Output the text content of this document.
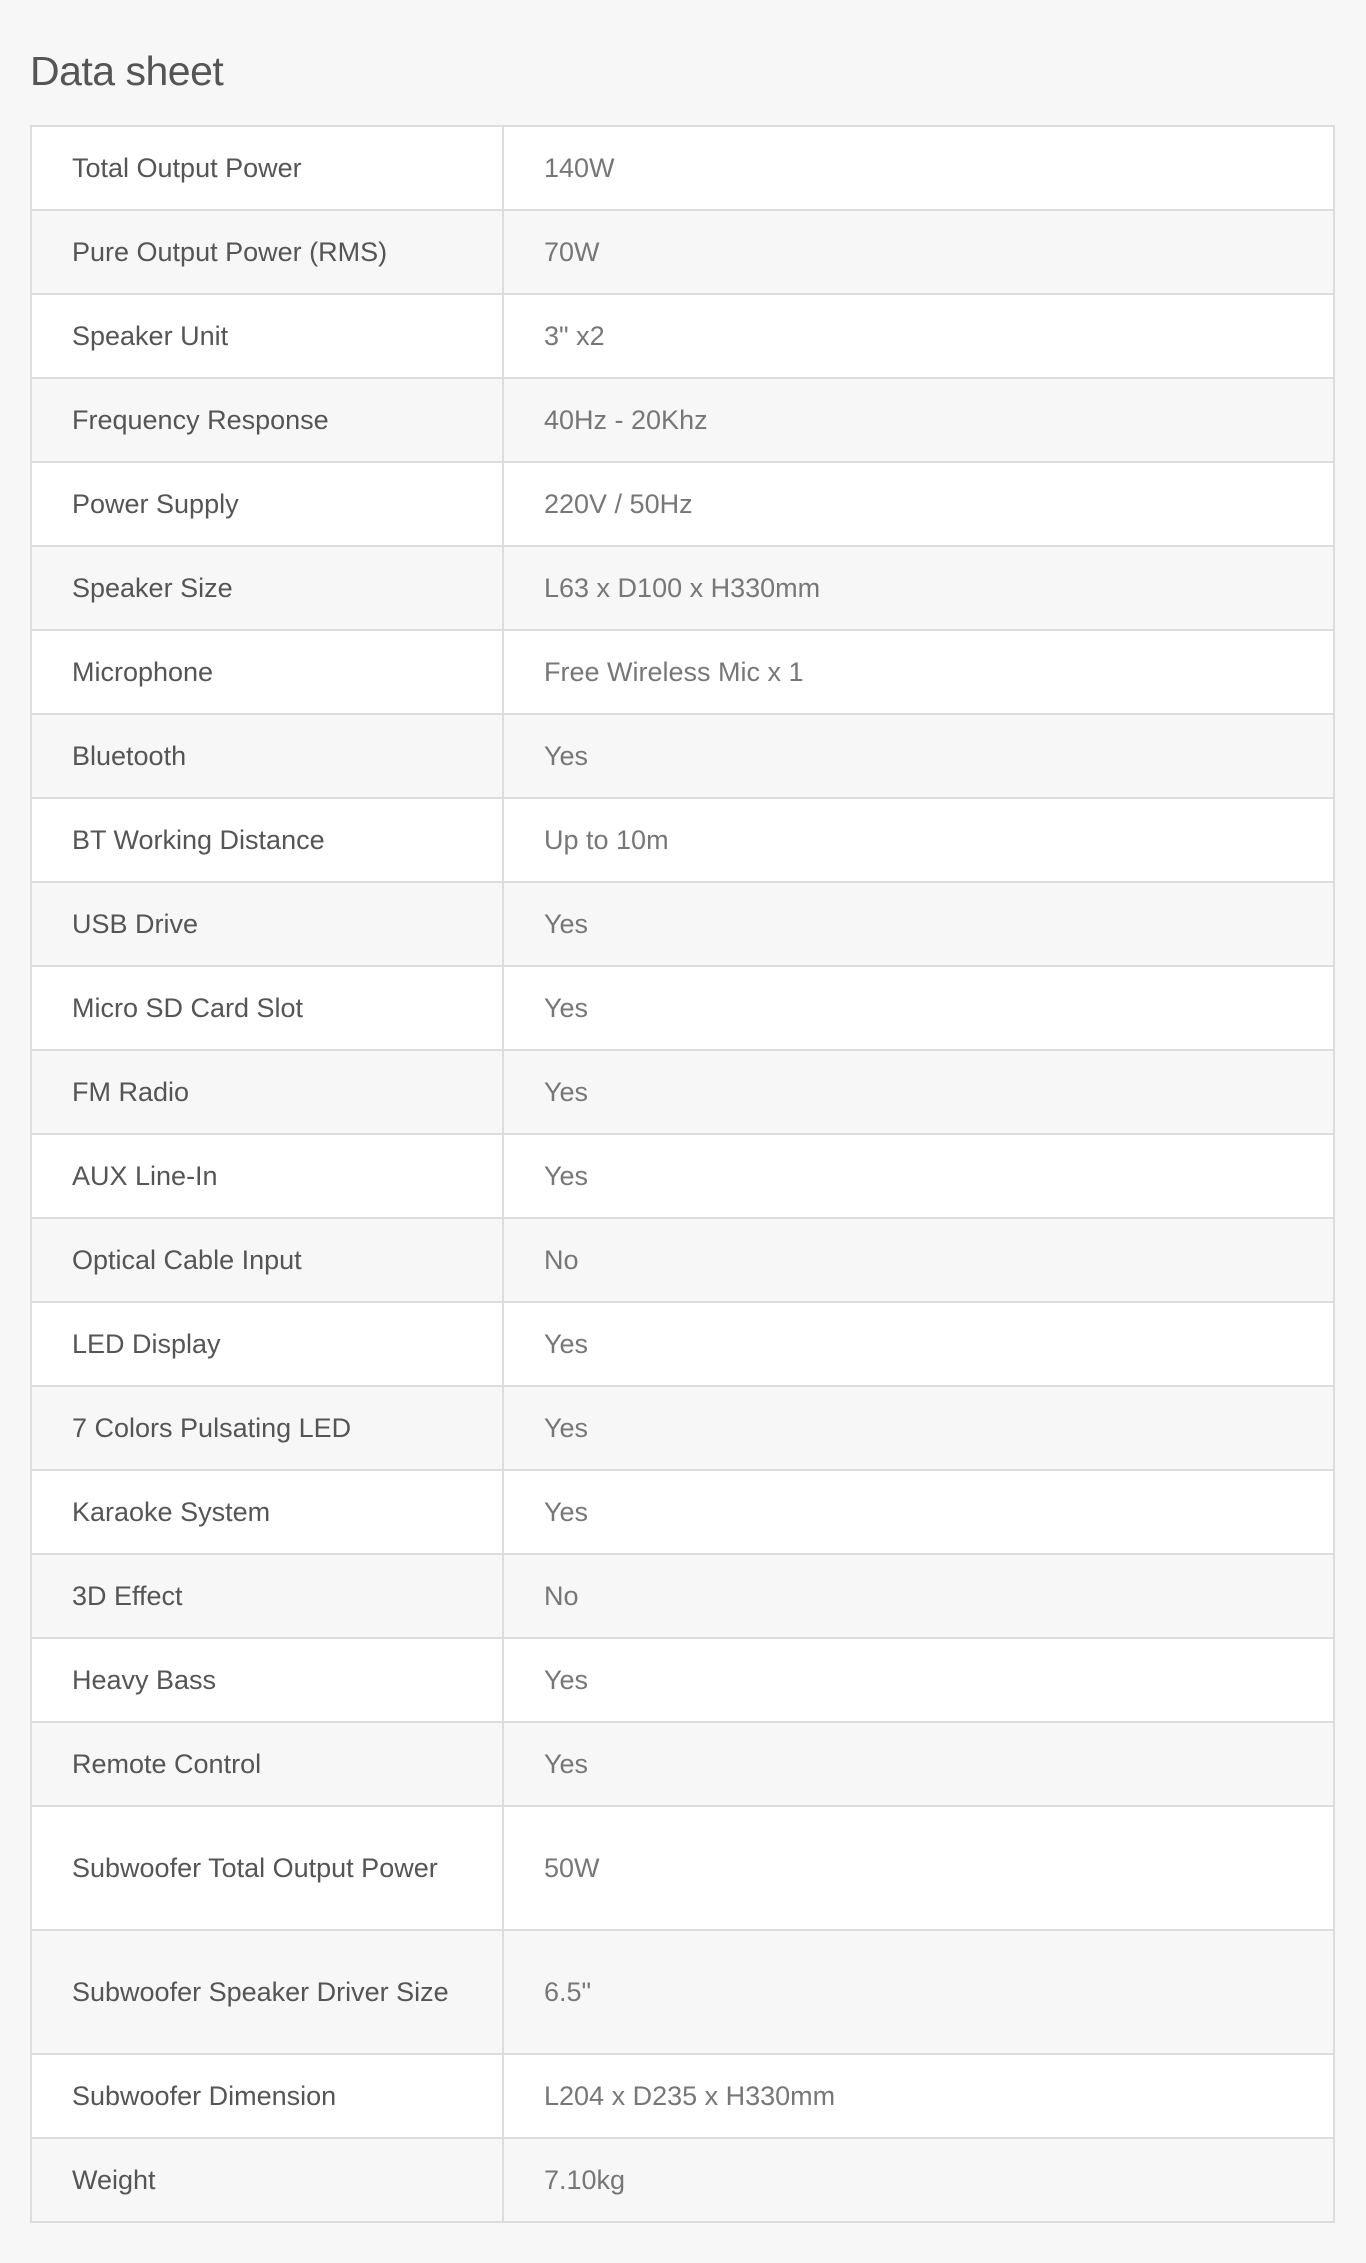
Data sheet
Total Output Power	140W
Pure Output Power (RMS)	70W
Speaker Unit	3" x2
Frequency Response	40Hz - 20Khz
Power Supply	220V / 50Hz
Speaker Size	L63 x D100 x H330mm
Microphone	Free Wireless Mic x 1
Bluetooth	Yes
BT Working Distance	Up to 10m
USB Drive	Yes
Micro SD Card Slot	Yes
FM Radio	Yes
AUX Line-In	Yes
Optical Cable Input	No
LED Display	Yes
7 Colors Pulsating LED	Yes
Karaoke System	Yes
3D Effect	No
Heavy Bass	Yes
Remote Control	Yes
Subwoofer Total Output Power	50W
Subwoofer Speaker Driver Size	6.5"
Subwoofer Dimension	L204 x D235 x H330mm
Weight	7.10kg
